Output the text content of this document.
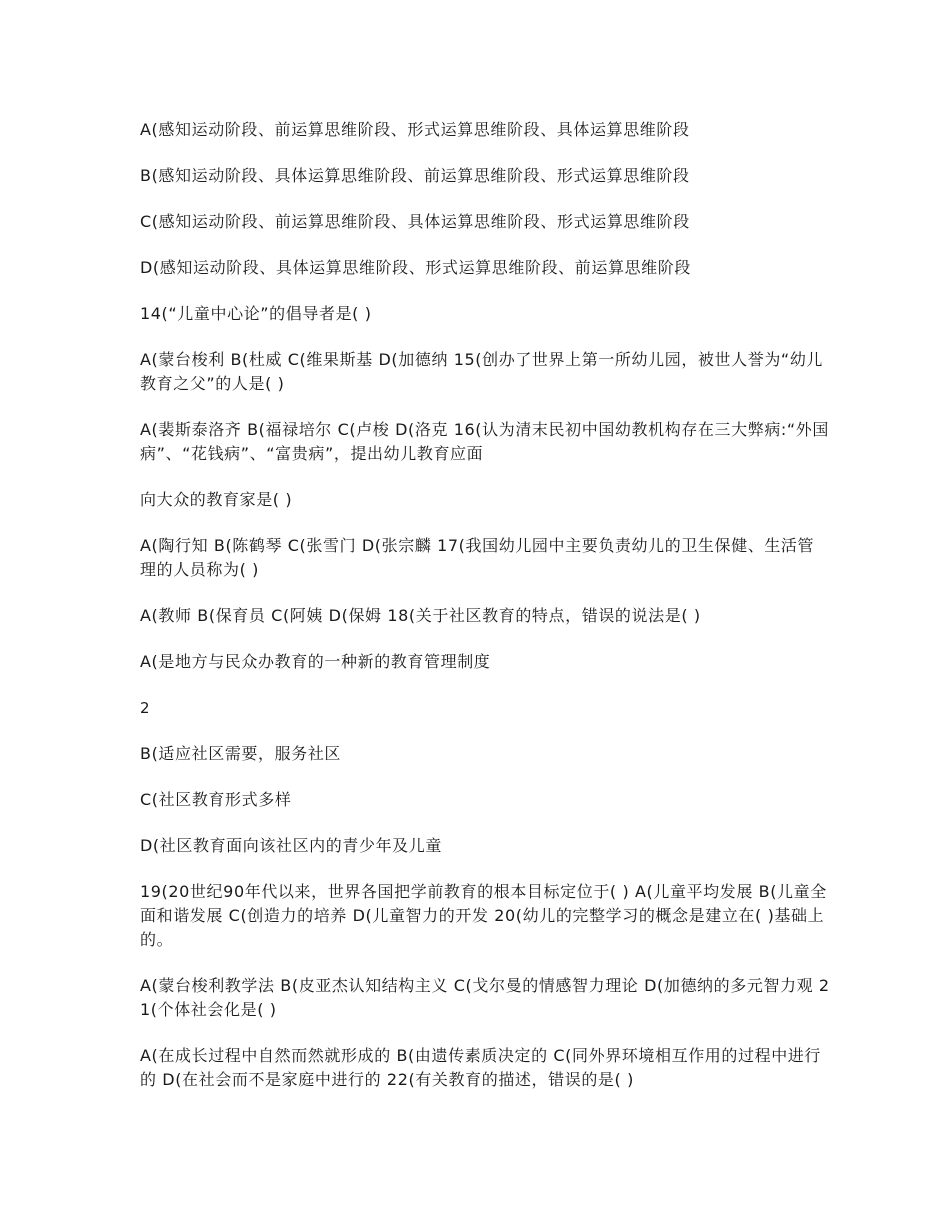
A(感知运动阶段、前运算思维阶段、形式运算思维阶段、具体运算思维阶段

B(感知运动阶段、具体运算思维阶段、前运算思维阶段、形式运算思维阶段

C(感知运动阶段、前运算思维阶段、具体运算思维阶段、形式运算思维阶段

D(感知运动阶段、具体运算思维阶段、形式运算思维阶段、前运算思维阶段

14(“儿童中心论”的倡导者是( )

A(蒙台梭利 B(杜威 C(维果斯基 D(加德纳 15(创办了世界上第一所幼儿园，被世人誉为“幼儿教育之父”的人是( )

A(裴斯泰洛齐 B(福禄培尔 C(卢梭 D(洛克 16(认为清末民初中国幼教机构存在三大弊病:“外国病”、“花钱病”、“富贵病”，提出幼儿教育应面

向大众的教育家是( )

A(陶行知 B(陈鹤琴 C(张雪门 D(张宗麟 17(我国幼儿园中主要负责幼儿的卫生保健、生活管理的人员称为( )

A(教师 B(保育员 C(阿姨 D(保姆 18(关于社区教育的特点，错误的说法是( )

A(是地方与民众办教育的一种新的教育管理制度

2

B(适应社区需要，服务社区

C(社区教育形式多样

D(社区教育面向该社区内的青少年及儿童

19(20世纪90年代以来，世界各国把学前教育的根本目标定位于( ) A(儿童平均发展 B(儿童全面和谐发展 C(创造力的培养 D(儿童智力的开发 20(幼儿的完整学习的概念是建立在( )基础上的。

A(蒙台梭利教学法 B(皮亚杰认知结构主义 C(戈尔曼的情感智力理论 D(加德纳的多元智力观 21(个体社会化是( )

A(在成长过程中自然而然就形成的 B(由遗传素质决定的 C(同外界环境相互作用的过程中进行的 D(在社会而不是家庭中进行的 22(有关教育的描述，错误的是( )
